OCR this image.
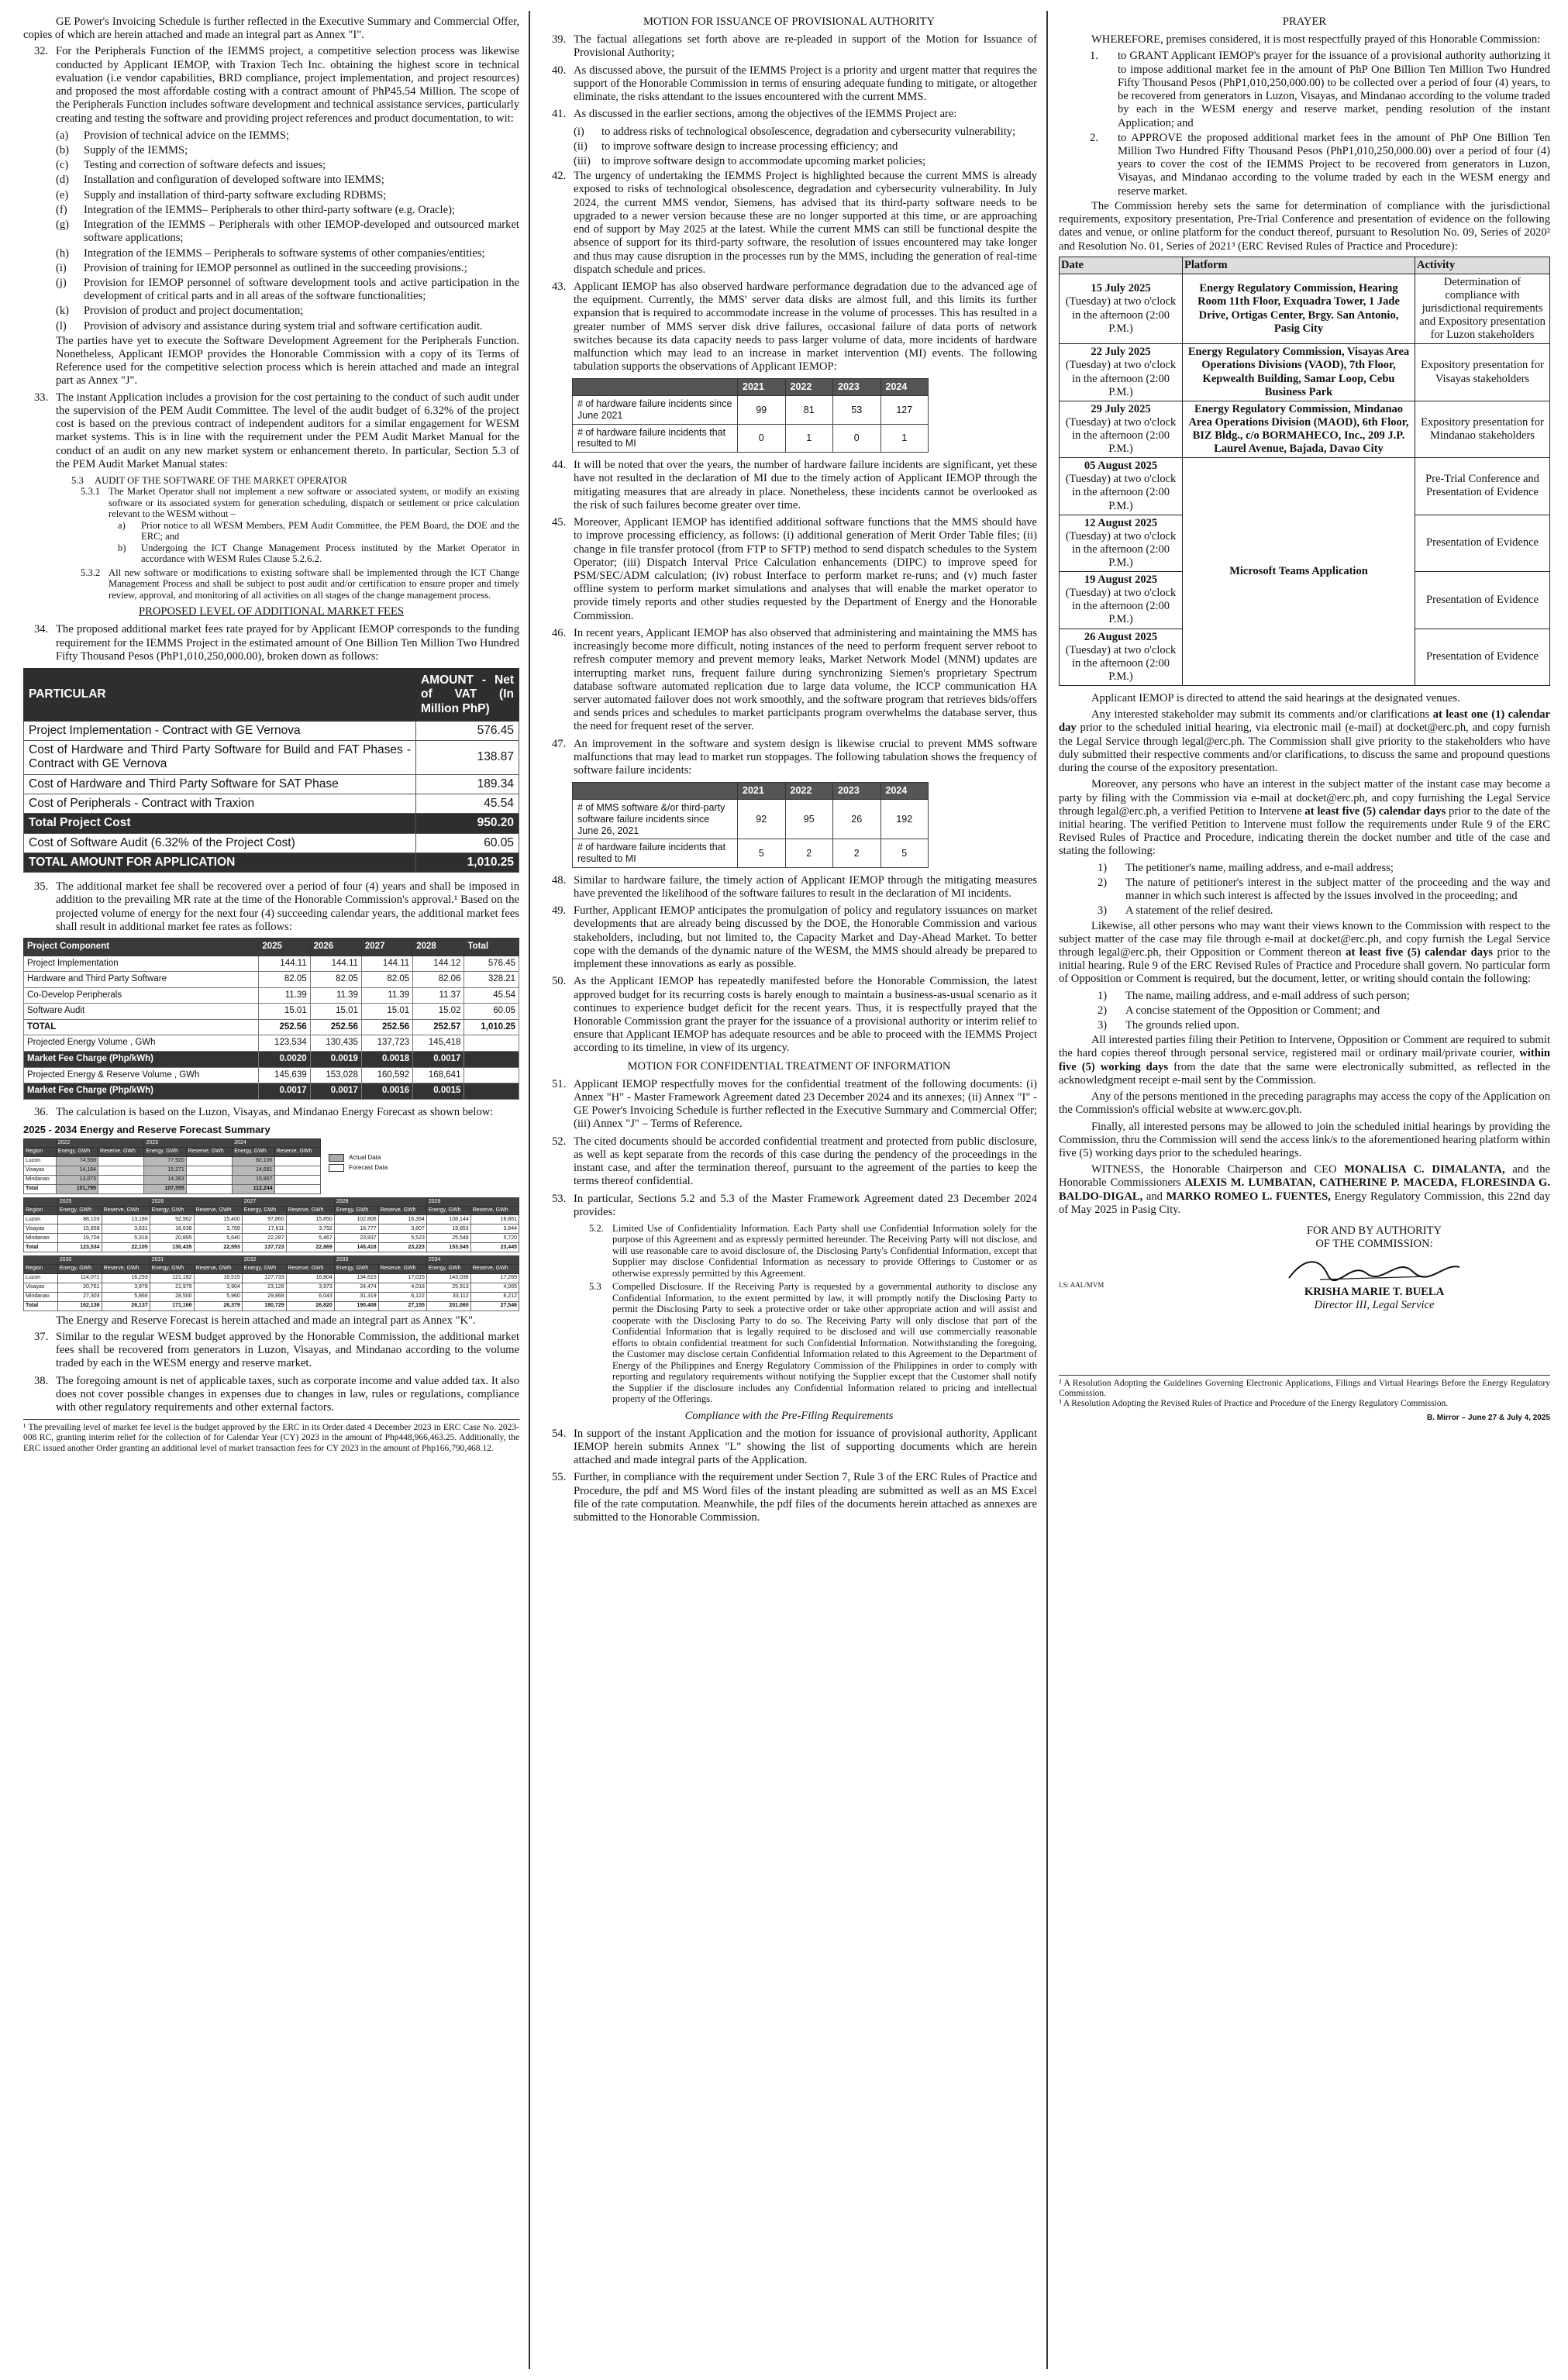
GE Power's Invoicing Schedule is further reflected in the Executive Summary and Commercial Offer, copies of which are herein attached and made an integral part as Annex "I".

32. For the Peripherals Function of the IEMMS project, a competitive selection process was likewise conducted by Applicant IEMOP, with Traxion Tech Inc. obtaining the highest score in technical evaluation (i.e vendor capabilities, BRD compliance, project implementation, and project resources) and proposed the most affordable costing with a contract amount of PhP45.54 Million. The scope of the Peripherals Function includes software development and technical assistance services, particularly creating and testing the software and providing project references and product documentation, to wit:
(a)	Provision of technical advice on the IEMMS;
(b)	Supply of the IEMMS;
(c)	Testing and correction of software defects and issues;
(d)	Installation and configuration of developed software into IEMMS;
(e)	Supply and installation of third-party software excluding RDBMS;
(f)	Integration of the IEMMS– Peripherals to other third-party software (e.g. Oracle);
(g)	Integration of the IEMMS – Peripherals with other IEMOP-developed and outsourced market software applications;
(h)	Integration of the IEMMS – Peripherals to software systems of other companies/entities;
(i)	Provision of training for IEMOP personnel as outlined in the succeeding provisions.;
(j)	Provision for IEMOP personnel of software development tools and active participation in the development of critical parts and in all areas of the software functionalities;
(k)	Provision of product and project documentation;
(l)	Provision of advisory and assistance during system trial and software certification audit.

The parties have yet to execute the Software Development Agreement for the Peripherals Function. Nonetheless, Applicant IEMOP provides the Honorable Commission with a copy of its Terms of Reference used for the competitive selection process which is herein attached and made an integral part as Annex "J".

33. The instant Application includes a provision for the cost pertaining to the conduct of such audit under the supervision of the PEM Audit Committee. The level of the audit budget of 6.32% of the project cost is based on the previous contract of independent auditors for a similar engagement for WESM market systems. This is in line with the requirement under the PEM Audit Market Manual for the conduct of an audit on any new market system or enhancement thereto. In particular, Section 5.3 of the PEM Audit Market Manual states:
5.3	AUDIT OF THE SOFTWARE OF THE MARKET OPERATOR
5.3.1 The Market Operator shall not implement a new software or associated system, or modify an existing software or its associated system for generation scheduling, dispatch or settlement or price calculation relevant to the WESM without –
a)	Prior notice to all WESM Members, PEM Audit Committee, the PEM Board, the DOE and the ERC; and
b)	Undergoing the ICT Change Management Process instituted by the Market Operator in accordance with WESM Rules Clause 5.2.6.2.
5.3.2 All new software or modifications to existing software shall be implemented through the ICT Change Management Process and shall be subject to post audit and/or certification to ensure proper and timely review, approval, and monitoring of all activities on all stages of the change management process.
PROPOSED LEVEL OF ADDITIONAL MARKET FEES
34. The proposed additional market fees rate prayed for by Applicant IEMOP corresponds to the funding requirement for the IEMMS Project in the estimated amount of One Billion Ten Million Two Hundred Fifty Thousand Pesos (PhP1,010,250,000.00), broken down as follows:
PARTICULAR	AMOUNT - Net of VAT (In Million PhP)
Project Implementation - Contract with GE Vernova	576.45
Cost of Hardware and Third Party Software for Build and FAT Phases - Contract with GE Vernova	138.87
Cost of Hardware and Third Party Software for SAT Phase	189.34
Cost of Peripherals - Contract with Traxion	45.54
Total Project Cost	950.20
Cost of Software Audit (6.32% of the Project Cost)	60.05
TOTAL AMOUNT FOR APPLICATION	1,010.25
35. The additional market fee shall be recovered over a period of four (4) years and shall be imposed in addition to the prevailing MR rate at the time of the Honorable Commission's approval.¹ Based on the projected volume of energy for the next four (4) succeeding calendar years, the additional market fees shall result in additional market fee rates as follows:
Project Component	2025	2026	2027	2028	Total
Project Implementation	144.11	144.11	144.11	144.12	576.45
Hardware and Third Party Software	82.05	82.05	82.05	82.06	328.21
Co-Develop Peripherals	11.39	11.39	11.39	11.37	45.54
Software Audit	15.01	15.01	15.01	15.02	60.05
TOTAL	252.56	252.56	252.56	252.57	1,010.25
Projected Energy Volume , GWh	123,534	130,435	137,723	145,418	
Market Fee Charge (Php/kWh)	0.0020	0.0019	0.0018	0.0017	
Projected Energy & Reserve Volume , GWh	145,639	153,028	160,592	168,641	
Market Fee Charge (Php/kWh)	0.0017	0.0017	0.0016	0.0015	
36. The calculation is based on the Luzon, Visayas, and Mindanao Energy Forecast as shown below:
2025 - 2034 Energy and Reserve Forecast Summary
	2022		2023		2024	
Region	Energy, GWh	Reserve, GWh	Energy, GWh	Reserve, GWh	Energy, GWh	Reserve, GWh
Luzon	74,558		77,920		82,106	
Visayas	14,164		15,271		14,681	
Mindanao	13,073		14,363		15,957	
Total	101,795		107,555		112,244	
Actual Data
Forecast Data
	2025		2026		2027		2028		2029	
Region	Energy, GWh	Reserve, GWh	Energy, GWh	Reserve, GWh	Energy, GWh	Reserve, GWh	Energy, GWh	Reserve, GWh	Energy, GWh	Reserve, GWh
Luzon	88,103	13,186	92,902	15,400	97,860	15,850	102,806	16,394	108,144	16,861
Visayas	15,858	3,631	16,638	3,769	17,611	3,752	18,777	3,807	19,653	3,844
Mindanao	19,704	5,318	20,895	5,640	22,287	5,467	23,837	5,523	25,548	5,720
Total	123,534	22,105	130,435	22,593	137,723	22,869	145,418	23,223	153,545	23,445
	2030		2031		2032		2033		2034	
Region	Energy, GWh	Reserve, GWh	Energy, GWh	Reserve, GWh	Energy, GWh	Reserve, GWh	Energy, GWh	Reserve, GWh	Energy, GWh	Reserve, GWh
Luzon	114,071	16,293	121,182	16,515	127,733	16,804	134,615	17,015	143,036	17,269
Visayas	20,761	3,978	21,979	3,904	23,128	3,973	24,474	4,018	25,913	4,065
Mindanao	27,303	5,866	28,500	5,960	29,868	6,043	31,319	6,122	33,112	6,212
Total	162,136	26,137	171,166	26,379	180,729	26,820	190,408	27,155	201,060	27,546

The Energy and Reserve Forecast is herein attached and made an integral part as Annex "K".

37. Similar to the regular WESM budget approved by the Honorable Commission, the additional market fees shall be recovered from generators in Luzon, Visayas, and Mindanao according to the volume traded by each in the WESM energy and reserve market.
38. The foregoing amount is net of applicable taxes, such as corporate income and value added tax. It also does not cover possible changes in expenses due to changes in law, rules or regulations, compliance with other regulatory requirements and other external factors.
¹ The prevailing level of market fee level is the budget approved by the ERC in its Order dated 4 December 2023 in ERC Case No. 2023-008 RC, granting interim relief for the collection of for Calendar Year (CY) 2023 in the amount of Php448,966,463.25. Additionally, the ERC issued another Order granting an additional level of market transaction fees for CY 2023 in the amount of Php166,790,468.12.
MOTION FOR ISSUANCE OF PROVISIONAL AUTHORITY
39. The factual allegations set forth above are re-pleaded in support of the Motion for Issuance of Provisional Authority;
40. As discussed above, the pursuit of the IEMMS Project is a priority and urgent matter that requires the support of the Honorable Commission in terms of ensuring adequate funding to mitigate, or altogether eliminate, the risks attendant to the issues encountered with the current MMS.
41. As discussed in the earlier sections, among the objectives of the IEMMS Project are:
(i)	to address risks of technological obsolescence, degradation and cybersecurity vulnerability;
(ii)	to improve software design to increase processing efficiency; and
(iii) to improve software design to accommodate upcoming market policies;
42. The urgency of undertaking the IEMMS Project is highlighted because the current MMS is already exposed to risks of technological obsolescence, degradation and cybersecurity vulnerability. In July 2024, the current MMS vendor, Siemens, has advised that its third-party software needs to be upgraded to a newer version because these are no longer supported at this time, or are approaching end of support by May 2025 at the latest. While the current MMS can still be functional despite the absence of support for its third-party software, the resolution of issues encountered may take longer and thus may cause disruption in the processes run by the MMS, including the generation of real-time dispatch schedule and prices.
43. Applicant IEMOP has also observed hardware performance degradation due to the advanced age of the equipment. Currently, the MMS' server data disks are almost full, and this limits its further expansion that is required to accommodate increase in the volume of processes. This has resulted in a greater number of MMS server disk drive failures, occasional failure of data ports of network switches because its data capacity needs to pass larger volume of data, more incidents of hardware malfunction which may lead to an increase in market intervention (MI) events. The following tabulation supports the observations of Applicant IEMOP:
	2021	2022	2023	2024
# of hardware failure incidents since June 2021	99	81	53	127
# of hardware failure incidents that resulted to MI	0	1	0	1
44. It will be noted that over the years, the number of hardware failure incidents are significant, yet these have not resulted in the declaration of MI due to the timely action of Applicant IEMOP through the mitigating measures that are already in place. Nonetheless, these incidents cannot be overlooked as the risk of such failures become greater over time.
45. Moreover, Applicant IEMOP has identified additional software functions that the MMS should have to improve processing efficiency, as follows: (i) additional generation of Merit Order Table files; (ii) change in file transfer protocol (from FTP to SFTP) method to send dispatch schedules to the System Operator; (iii) Dispatch Interval Price Calculation enhancements (DIPC) to improve speed for PSM/SEC/ADM calculation; (iv) robust Interface to perform market re-runs; and (v) much faster offline system to perform market simulations and analyses that will enable the market operator to provide timely reports and other studies requested by the Department of Energy and the Honorable Commission.
46. In recent years, Applicant IEMOP has also observed that administering and maintaining the MMS has increasingly become more difficult, noting instances of the need to perform frequent server reboot to refresh computer memory and prevent memory leaks, Market Network Model (MNM) updates are interrupting market runs, frequent failure during synchronizing Siemen's proprietary Spectrum database software automated replication due to large data volume, the ICCP communication HA server automated failover does not work smoothly, and the software program that retrieves bids/offers and sends prices and schedules to market participants program overwhelms the database server, thus the need for frequent reset of the server.
47. An improvement in the software and system design is likewise crucial to prevent MMS software malfunctions that may lead to market run stoppages. The following tabulation shows the frequency of software failure incidents:
	2021	2022	2023	2024
# of MMS software &/or third-party software failure incidents since June 26, 2021	92	95	26	192
# of hardware failure incidents that resulted to MI	5	2	2	5
48. Similar to hardware failure, the timely action of Applicant IEMOP through the mitigating measures have prevented the likelihood of the software failures to result in the declaration of MI incidents.
49. Further, Applicant IEMOP anticipates the promulgation of policy and regulatory issuances on market developments that are already being discussed by the DOE, the Honorable Commission and various stakeholders, including, but not limited to, the Capacity Market and Day-Ahead Market. To better cope with the demands of the dynamic nature of the WESM, the MMS should already be prepared to implement these innovations as early as possible.
50. As the Applicant IEMOP has repeatedly manifested before the Honorable Commission, the latest approved budget for its recurring costs is barely enough to maintain a business-as-usual scenario as it continues to experience budget deficit for the recent years. Thus, it is respectfully prayed that the Honorable Commission grant the prayer for the issuance of a provisional authority or interim relief to ensure that Applicant IEMOP has adequate resources and be able to proceed with the IEMMS Project according to its timeline, in view of its urgency.
MOTION FOR CONFIDENTIAL TREATMENT OF INFORMATION
51. Applicant IEMOP respectfully moves for the confidential treatment of the following documents: (i) Annex "H" - Master Framework Agreement dated 23 December 2024 and its annexes; (ii) Annex "I" - GE Power's Invoicing Schedule is further reflected in the Executive Summary and Commercial Offer; (iii) Annex "J" – Terms of Reference.
52. The cited documents should be accorded confidential treatment and protected from public disclosure, as well as kept separate from the records of this case during the pendency of the proceedings in the instant case, and after the termination thereof, pursuant to the agreement of the parties to keep the terms thereof confidential.
53. In particular, Sections 5.2 and 5.3 of the Master Framework Agreement dated 23 December 2024 provides:
5.2. Limited Use of Confidentiality Information. Each Party shall use Confidential Information solely for the purpose of this Agreement and as expressly permitted hereunder. The Receiving Party will not disclose, and will use reasonable care to avoid disclosure of, the Disclosing Party's Confidential Information, except that Supplier may disclose Confidential Information as necessary to provide Offerings to Customer or as otherwise expressly permitted by this Agreement.
5.3	Compelled Disclosure. If the Receiving Party is requested by a governmental authority to disclose any Confidential Information, to the extent permitted by law, it will promptly notify the Disclosing Party to permit the Disclosing Party to seek a protective order or take other appropriate action and will assist and cooperate with the Disclosing Party to do so. The Receiving Party will only disclose that part of the Confidential Information that is legally required to be disclosed and will use commercially reasonable efforts to obtain confidential treatment for such Confidential Information. Notwithstanding the foregoing, the Customer may disclose certain Confidential Information related to this Agreement to the Department of Energy of the Philippines and Energy Regulatory Commission of the Philippines in order to comply with reporting and regulatory requirements without notifying the Supplier except that the Customer shall notify the Supplier if the disclosure includes any Confidential Information related to pricing and intellectual property of the Offerings.
Compliance with the Pre-Filing Requirements
54. In support of the instant Application and the motion for issuance of provisional authority, Applicant IEMOP herein submits Annex "L" showing the list of supporting documents which are herein attached and made integral parts of the Application.
55. Further, in compliance with the requirement under Section 7, Rule 3 of the ERC Rules of Practice and Procedure, the pdf and MS Word files of the instant pleading are submitted as well as an MS Excel file of the rate computation. Meanwhile, the pdf files of the documents herein attached as annexes are submitted to the Honorable Commission.
PRAYER

WHEREFORE, premises considered, it is most respectfully prayed of this Honorable Commission:

1.	to GRANT Applicant IEMOP's prayer for the issuance of a provisional authority authorizing it to impose additional market fee in the amount of PhP One Billion Ten Million Two Hundred Fifty Thousand Pesos (PhP1,010,250,000.00) to be collected over a period of four (4) years, to be recovered from generators in Luzon, Visayas, and Mindanao according to the volume traded by each in the WESM energy and reserve market, pending resolution of the instant Application; and
2.	to APPROVE the proposed additional market fees in the amount of PhP One Billion Ten Million Two Hundred Fifty Thousand Pesos (PhP1,010,250,000.00) over a period of four (4) years to cover the cost of the IEMMS Project to be recovered from generators in Luzon, Visayas, and Mindanao according to the volume traded by each in the WESM energy and reserve market.

The Commission hereby sets the same for determination of compliance with the jurisdictional requirements, expository presentation, Pre-Trial Conference and presentation of evidence on the following dates and venue, or online platform for the conduct thereof, pursuant to Resolution No. 09, Series of 2020² and Resolution No. 01, Series of 2021³ (ERC Revised Rules of Practice and Procedure):

Date	Platform	Activity

15 July 2025
(Tuesday) at two o'clock in the afternoon (2:00 P.M.)	Energy Regulatory Commission, Hearing Room 11th Floor, Exquadra Tower, 1 Jade Drive, Ortigas Center, Brgy. San Antonio, Pasig City	Determination of compliance with jurisdictional requirements and Expository presentation for Luzon stakeholders

22 July 2025
(Tuesday) at two o'clock in the afternoon (2:00 P.M.)	Energy Regulatory Commission, Visayas Area Operations Divisions (VAOD), 7th Floor, Kepwealth Building, Samar Loop, Cebu Business Park	Expository presentation for Visayas stakeholders

29 July 2025
(Tuesday) at two o'clock in the afternoon (2:00 P.M.)	Energy Regulatory Commission, Mindanao Area Operations Division (MAOD), 6th Floor, BIZ Bldg., c/o BORMAHECO, Inc., 209 J.P. Laurel Avenue, Bajada, Davao City	Expository presentation for Mindanao stakeholders

05 August 2025
(Tuesday) at two o'clock in the afternoon (2:00 P.M.)	Microsoft Teams Application	Pre-Trial Conference and Presentation of Evidence

12 August 2025
(Tuesday) at two o'clock in the afternoon (2:00 P.M.)		Presentation of Evidence

19 August 2025
(Tuesday) at two o'clock in the afternoon (2:00 P.M.)		Presentation of Evidence

26 August 2025
(Tuesday) at two o'clock in the afternoon (2:00 P.M.)		Presentation of Evidence

Applicant IEMOP is directed to attend the said hearings at the designated venues.

Any interested stakeholder may submit its comments and/or clarifications at least one (1) calendar day prior to the scheduled initial hearing, via electronic mail (e-mail) at docket@erc.ph, and copy furnish the Legal Service through legal@erc.ph. The Commission shall give priority to the stakeholders who have duly submitted their respective comments and/or clarifications, to discuss the same and propound questions during the course of the expository presentation.

Moreover, any persons who have an interest in the subject matter of the instant case may become a party by filing with the Commission via e-mail at docket@erc.ph, and copy furnishing the Legal Service through legal@erc.ph, a verified Petition to Intervene at least five (5) calendar days prior to the date of the initial hearing. The verified Petition to Intervene must follow the requirements under Rule 9 of the ERC Revised Rules of Practice and Procedure, indicating therein the docket number and title of the case and stating the following:

1)	The petitioner's name, mailing address, and e-mail address;
2)	The nature of petitioner's interest in the subject matter of the proceeding and the way and manner in which such interest is affected by the issues involved in the proceeding; and
3)	A statement of the relief desired.

Likewise, all other persons who may want their views known to the Commission with respect to the subject matter of the case may file through e-mail at docket@erc.ph, and copy furnish the Legal Service through legal@erc.ph, their Opposition or Comment thereon at least five (5) calendar days prior to the initial hearing. Rule 9 of the ERC Revised Rules of Practice and Procedure shall govern. No particular form of Opposition or Comment is required, but the document, letter, or writing should contain the following:

1)	The name, mailing address, and e-mail address of such person;
2)	A concise statement of the Opposition or Comment; and
3)	The grounds relied upon.

All interested parties filing their Petition to Intervene, Opposition or Comment are required to submit the hard copies thereof through personal service, registered mail or ordinary mail/private courier, within five (5) working days from the date that the same were electronically submitted, as reflected in the acknowledgment receipt e-mail sent by the Commission.

Any of the persons mentioned in the preceding paragraphs may access the copy of the Application on the Commission's official website at www.erc.gov.ph.

Finally, all interested persons may be allowed to join the scheduled initial hearings by providing the Commission, thru the Commission will send the access link/s to the aforementioned hearing platform within five (5) working days prior to the scheduled hearings.

WITNESS, the Honorable Chairperson and CEO MONALISA C. DIMALANTA, and the Honorable Commissioners ALEXIS M. LUMBATAN, CATHERINE P. MACEDA, FLORESINDA G. BALDO-DIGAL, and MARKO ROMEO L. FUENTES, Energy Regulatory Commission, this 22nd day of May 2025 in Pasig City.

FOR AND BY AUTHORITY
OF THE COMMISSION:
KRISHA MARIE T. BUELA
Director III, Legal Service
LS: AAL/MVM
² A Resolution Adopting the Guidelines Governing Electronic Applications, Filings and Virtual Hearings Before the Energy Regulatory Commission.
³ A Resolution Adopting the Revised Rules of Practice and Procedure of the Energy Regulatory Commission.
B. Mirror – June 27 & July 4, 2025
